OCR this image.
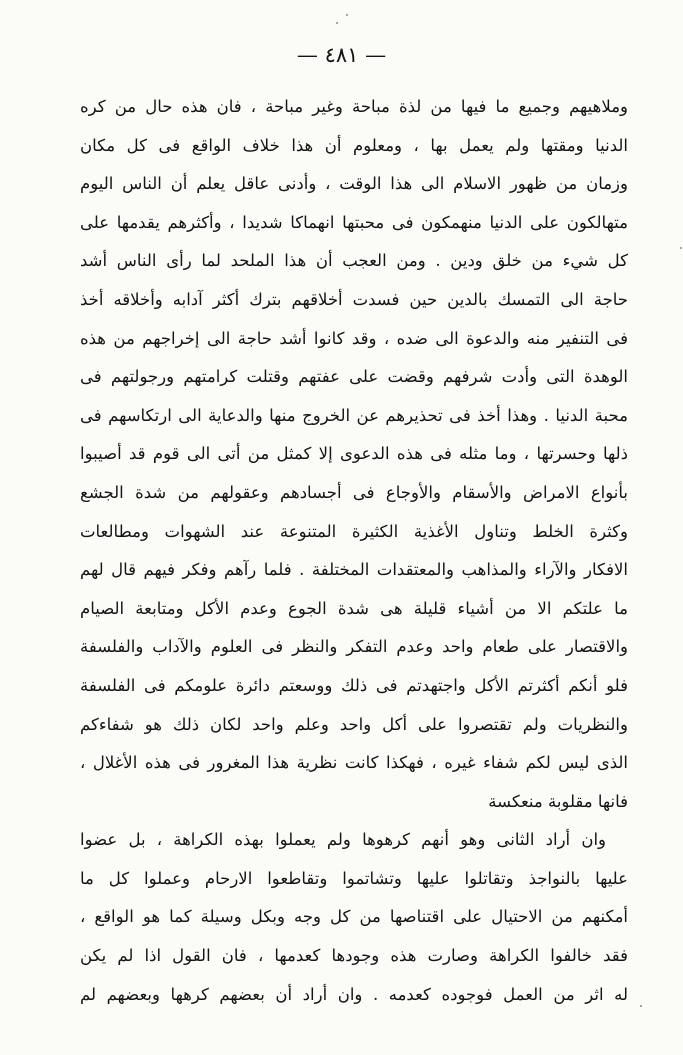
— ٤٨١ —
وملاهيهم وجميع ما فيها من لذة مباحة وغير مباحة ، فان هذه حال من كره
الدنيا ومقتها ولم يعمل بها ، ومعلوم أن هذا خلاف الواقع فى كل مكان
وزمان من ظهور الاسلام الى هذا الوقت ، وأدنى عاقل يعلم أن الناس اليوم
متهالكون على الدنيا منهمكون فى محبتها انهماكا شديدا ، وأكثرهم يقدمها على
كل شيء من خلق ودين . ومن العجب أن هذا الملحد لما رأى الناس أشد
حاجة الى التمسك بالدين حين فسدت أخلاقهم بترك أكثر آدابه وأخلاقه أخذ
فى التنفير منه والدعوة الى ضده ، وقد كانوا أشد حاجة الى إخراجهم من هذه
الوهدة التى وأدت شرفهم وقضت على عفتهم وقتلت كرامتهم ورجولتهم فى
محبة الدنيا . وهذا أخذ فى تحذيرهم عن الخروج منها والدعاية الى ارتكاسهم فى
ذلها وحسرتها ، وما مثله فى هذه الدعوى إلا كمثل من أتى الى قوم قد أصيبوا
بأنواع الامراض والأسقام والأوجاع فى أجسادهم وعقولهم من شدة الجشع
وكثرة الخلط وتناول الأغذية الكثيرة المتنوعة عند الشهوات ومطالعات
الافكار والآراء والمذاهب والمعتقدات المختلفة . فلما رآهم وفكر فيهم قال لهم
ما علتكم الا من أشياء قليلة هى شدة الجوع وعدم الأكل ومتابعة الصيام
والاقتصار على طعام واحد وعدم التفكر والنظر فى العلوم والآداب والفلسفة
فلو أنكم أكثرتم الأكل واجتهدتم فى ذلك ووسعتم دائرة علومكم فى الفلسفة
والنظريات ولم تقتصروا على أكل واحد وعلم واحد لكان ذلك هو شفاءكم
الذى ليس لكم شفاء غيره ، فهكذا كانت نظرية هذا المغرور فى هذه الأغلال ،
فانها مقلوبة منعكسة
وان أراد الثانى وهو أنهم كرهوها ولم يعملوا بهذه الكراهة ، بل عضوا
عليها بالنواجذ وتقاتلوا عليها وتشاتموا وتقاطعوا الارحام وعملوا كل ما
أمكنهم من الاحتيال على اقتناصها من كل وجه وبكل وسيلة كما هو الواقع ،
فقد خالفوا الكراهة وصارت هذه وجودها كعدمها ، فان القول اذا لم يكن
له اثر من العمل فوجوده كعدمه . وان أراد أن بعضهم كرهها وبعضهم لم
